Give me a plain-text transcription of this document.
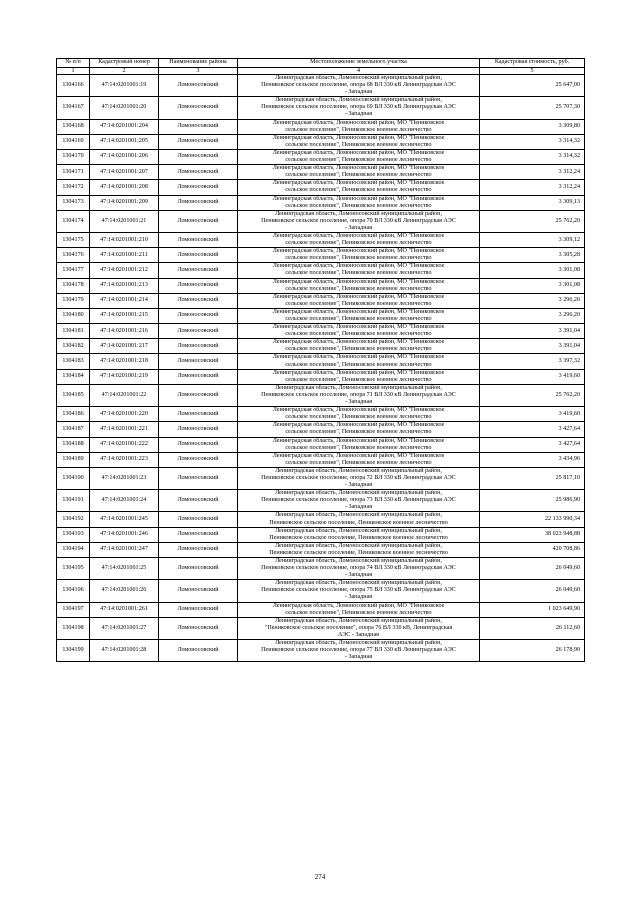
№ п/п	Кадастровый номер	Наименование района	Местоположение земельного участка	Кадастровая стоимость, руб.
1	2	3	4	5
1304166	47:14:0201001:19	Ломоносовский	Ленинградская область, Ломоносовский муниципальный район,
Пениковское сельское поселение, опора 68 ВЛ 330 кВ Ленинградская АЭС
- Западная	25 647,00
1304167	47:14:0201001:20	Ломоносовский	Ленинградская область, Ломоносовский муниципальный район,
Пениковское сельское поселение, опора 69 ВЛ 330 кВ Ленинградская АЭС
- Западная	25 707,30
1304168	47:14:0201001:204	Ломоносовский	Ленинградская область, Ломоносовский район, МО "Пениковское
сельское поселение", Пениковское военное лесничество	3 309,80
1304169	47:14:0201001:205	Ломоносовский	Ленинградская область, Ломоносовский район, МО "Пениковское
сельское поселение", Пениковское военное лесничество	3 314,32
1304170	47:14:0201001:206	Ломоносовский	Ленинградская область, Ломоносовский район, МО "Пениковское
сельское поселение", Пениковское военное лесничество	3 314,32
1304171	47:14:0201001:207	Ломоносовский	Ленинградская область, Ломоносовский район, МО "Пениковское
сельское поселение", Пениковское военное лесничество	3 312,24
1304172	47:14:0201001:208	Ломоносовский	Ленинградская область, Ломоносовский район, МО "Пениковское
сельское поселение", Пениковское военное лесничество	3 312,24
1304173	47:14:0201001:209	Ломоносовский	Ленинградская область, Ломоносовский район, МО "Пениковское
сельское поселение", Пениковское военное лесничество	3 309,13
1304174	47:14:0201001:21	Ломоносовский	Ленинградская область, Ломоносовский муниципальный район,
Пениковское сельское поселение, опора 70 ВЛ 330 кВ Ленинградская АЭС
- Западная	25 762,20
1304175	47:14:0201001:210	Ломоносовский	Ленинградская область, Ломоносовский район, МО "Пениковское
сельское поселение", Пениковское военное лесничество	3 309,12
1304176	47:14:0201001:211	Ломоносовский	Ленинградская область, Ломоносовский район, МО "Пениковское
сельское поселение", Пениковское военное лесничество	3 305,28
1304177	47:14:0201001:212	Ломоносовский	Ленинградская область, Ломоносовский район, МО "Пениковское
сельское поселение", Пениковское военное лесничество	3 301,08
1304178	47:14:0201001:213	Ломоносовский	Ленинградская область, Ломоносовский район, МО "Пениковское
сельское поселение", Пениковское военное лесничество	3 301,08
1304179	47:14:0201001:214	Ломоносовский	Ленинградская область, Ломоносовский район, МО "Пениковское
сельское поселение", Пениковское военное лесничество	3 296,20
1304180	47:14:0201001:215	Ломоносовский	Ленинградская область, Ломоносовский район, МО "Пениковское
сельское поселение", Пениковское военное лесничество	3 296,20
1304181	47:14:0201001:216	Ломоносовский	Ленинградская область, Ломоносовский район, МО "Пениковское
сельское поселение", Пениковское военное лесничество	3 391,04
1304182	47:14:0201001:217	Ломоносовский	Ленинградская область, Ломоносовский район, МО "Пениковское
сельское поселение", Пениковское военное лесничество	3 391,04
1304183	47:14:0201001:218	Ломоносовский	Ленинградская область, Ломоносовский район, МО "Пениковское
сельское поселение", Пениковское военное лесничество	3 397,32
1304184	47:14:0201001:219	Ломоносовский	Ленинградская область, Ломоносовский район, МО "Пениковское
сельское поселение", Пениковское военное лесничество	3 419,60
1304185	47:14:0201001:22	Ломоносовский	Ленинградская область, Ломоносовский муниципальный район,
Пениковское сельское поселение, опора 71 ВЛ 330 кВ Ленинградская АЭС
- Западная	25 762,20
1304186	47:14:0201001:220	Ломоносовский	Ленинградская область, Ломоносовский район, МО "Пениковское
сельское поселение", Пениковское военное лесничество	3 419,60
1304187	47:14:0201001:221	Ломоносовский	Ленинградская область, Ломоносовский район, МО "Пениковское
сельское поселение", Пениковское военное лесничество	3 427,64
1304188	47:14:0201001:222	Ломоносовский	Ленинградская область, Ломоносовский район, МО "Пениковское
сельское поселение", Пениковское военное лесничество	3 427,64
1304189	47:14:0201001:223	Ломоносовский	Ленинградская область, Ломоносовский район, МО "Пениковское
сельское поселение", Пениковское военное лесничество	3 434,96
1304190	47:14:0201001:23	Ломоносовский	Ленинградская область, Ломоносовский муниципальный район,
Пениковское сельское поселение, опора 72 ВЛ 330 кВ Ленинградская АЭС
- Западная	25 817,10
1304191	47:14:0201001:24	Ломоносовский	Ленинградская область, Ломоносовский муниципальный район,
Пениковское сельское поселение, опора 73 ВЛ 330 кВ Ленинградская АЭС
- Западная	25 986,90
1304192	47:14:0201001:245	Ломоносовский	Ленинградская область, Ломоносовский муниципальный район,
Пениковское сельское поселение, Пениковское военное лесничество	22 133 990,34
1304193	47:14:0201001:246	Ломоносовский	Ленинградская область, Ломоносовский муниципальный район,
Пениковское сельское поселение, Пениковское военное лесничество	38 023 948,88
1304194	47:14:0201001:247	Ломоносовский	Ленинградская область, Ломоносовский муниципальный район,
Пениковское сельское поселение, Пениковское военное лесничество	420 708,86
1304195	47:14:0201001:25	Ломоносовский	Ленинградская область, Ломоносовский муниципальный район,
Пениковское сельское поселение, опора 74 ВЛ 330 кВ Ленинградская АЭС
- Западная	26 049,60
1304196	47:14:0201001:26	Ломоносовский	Ленинградская область, Ломоносовский муниципальный район,
Пениковское сельское поселение, опора 75 ВЛ 330 кВ Ленинградская АЭС
- Западная	26 049,60
1304197	47:14:0201001:261	Ломоносовский	Ленинградская область, Ломоносовский район, МО "Пениковское
сельское поселение", Пениковское военное лесничество	1 023 649,90
1304198	47:14:0201001:27	Ломоносовский	Ленинградская область, Ломоносовский муниципальный район,
"Пениковское сельское поселение", опора 76 ВЛ 330 кВ, Ленинградская
АЭС - Западная	26 112,60
1304199	47:14:0201001:28	Ломоносовский	Ленинградская область, Ломоносовский муниципальный район,
Пениковское сельское поселение, опора 77 ВЛ 330 кВ Ленинградская АЭС
- Западная	26 178,90
274
